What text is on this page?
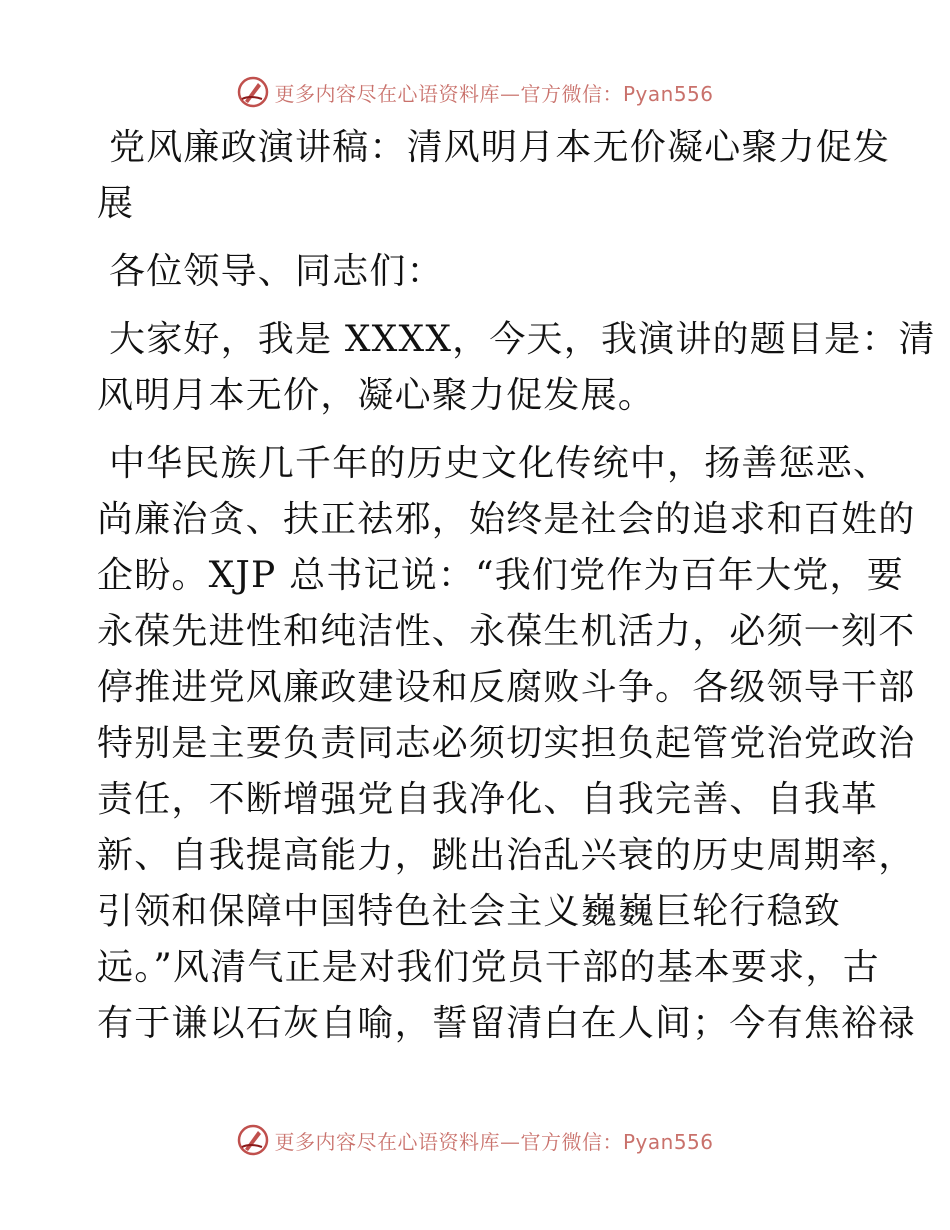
更多内容尽在心语资料库—官方微信：Pyan556
党风廉政演讲稿：清风明月本无价凝心聚力促发
展
各位领导、同志们：
大家好，我是 XXXX，今天，我演讲的题目是：清
风明月本无价，凝心聚力促发展。
中华民族几千年的历史文化传统中，扬善惩恶、
尚廉治贪、扶正祛邪，始终是社会的追求和百姓的
企盼。XJP 总书记说：“我们党作为百年大党，要
永葆先进性和纯洁性、永葆生机活力，必须一刻不
停推进党风廉政建设和反腐败斗争。各级领导干部
特别是主要负责同志必须切实担负起管党治党政治
责任，不断增强党自我净化、自我完善、自我革
新、自我提高能力，跳出治乱兴衰的历史周期率，
引领和保障中国特色社会主义巍巍巨轮行稳致
远。”风清气正是对我们党员干部的基本要求，古
有于谦以石灰自喻，誓留清白在人间；今有焦裕禄
更多内容尽在心语资料库—官方微信：Pyan556
